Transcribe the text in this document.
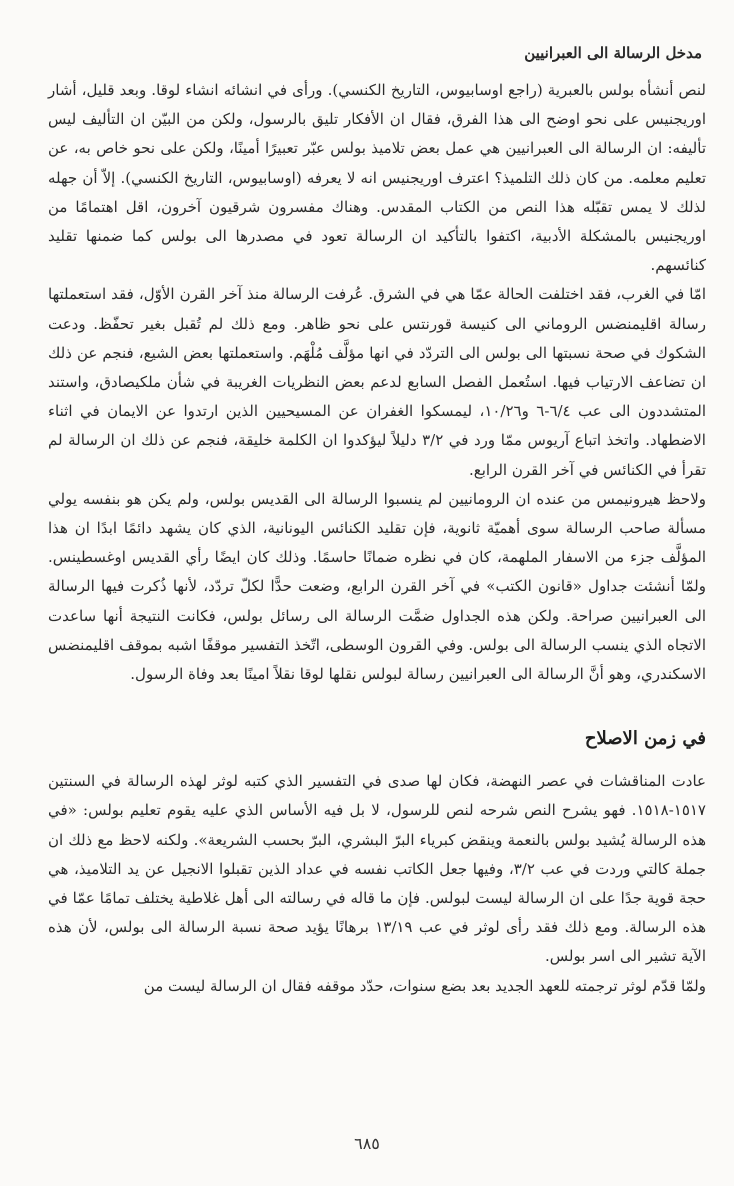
مدخل الرسالة الى العبرانيين

لنص أنشأه بولس بالعبرية (راجع اوسابيوس، التاريخ الكنسي). ورأى في انشائه انشاء لوقا. وبعد قليل، أشار اوريجنيس على نحو اوضح الى هذا الفرق، فقال ان الأفكار تليق بالرسول، ولكن من البيّن ان التأليف ليس تأليفه: ان الرسالة الى العبرانيين هي عمل بعض تلاميذ بولس عبّر تعبيرًا أمينًا، ولكن على نحو خاص به، عن تعليم معلمه. من كان ذلك التلميذ؟ اعترف اوريجنيس انه لا يعرفه (اوسابيوس، التاريخ الكنسي). إلاّ أن جهله لذلك لا يمس تقبّله هذا النص من الكتاب المقدس. وهناك مفسرون شرقيون آخرون، اقل اهتمامًا من اوريجنيس بالمشكلة الأدبية، اكتفوا بالتأكيد ان الرسالة تعود في مصدرها الى بولس كما ضمنها تقليد كنائسهم.

امّا في الغرب، فقد اختلفت الحالة عمّا هي في الشرق. عُرفت الرسالة منذ آخر القرن الأوّل، فقد استعملتها رسالة اقليمنضس الروماني الى كنيسة قورنتس على نحو ظاهر. ومع ذلك لم تُقبل بغير تحفّظ. ودعت الشكوك في صحة نسبتها الى بولس الى التردّد في انها مؤلَّف مُلْهَم. واستعملتها بعض الشيع، فنجم عن ذلك ان تضاعف الارتياب فيها. استُعمل الفصل السابع لدعم بعض النظريات الغريبة في شأن ملكيصادق، واستند المتشددون الى عب ٦/٤-٦ و١٠/٢٦، ليمسكوا الغفران عن المسيحيين الذين ارتدوا عن الايمان في اثناء الاضطهاد. واتخذ اتباع آريوس ممّا ورد في ٣/٢ دليلاً ليؤكدوا ان الكلمة خليقة، فنجم عن ذلك ان الرسالة لم تقرأ في الكنائس في آخر القرن الرابع.

ولاحظ هيرونيمس من عنده ان الرومانيين لم ينسبوا الرسالة الى القديس بولس، ولم يكن هو بنفسه يولي مسألة صاحب الرسالة سوى أهميّة ثانوية، فإن تقليد الكنائس اليونانية، الذي كان يشهد دائمًا ابدًا ان هذا المؤلَّف جزء من الاسفار الملهمة، كان في نظره ضمانًا حاسمًا. وذلك كان ايضًا رأي القديس اوغسطينس. ولمّا أنشئت جداول «قانون الكتب» في آخر القرن الرابع، وضعت حدًّا لكلّ تردّد، لأنها ذُكرت فيها الرسالة الى العبرانيين صراحة. ولكن هذه الجداول ضمَّت الرسالة الى رسائل بولس، فكانت النتيجة أنها ساعدت الاتجاه الذي ينسب الرسالة الى بولس. وفي القرون الوسطى، اتّخذ التفسير موقفًا اشبه بموقف اقليمنضس الاسكندري، وهو أنَّ الرسالة الى العبرانيين رسالة لبولس نقلها لوقا نقلاً امينًا بعد وفاة الرسول.

في زمن الاصلاح

عادت المناقشات في عصر النهضة، فكان لها صدى في التفسير الذي كتبه لوثر لهذه الرسالة في السنتين ١٥١٧-١٥١٨. فهو يشرح النص شرحه لنص للرسول، لا بل فيه الأساس الذي عليه يقوم تعليم بولس: «في هذه الرسالة يُشيد بولس بالنعمة وينقض كبرياء البرّ البشري، البرّ بحسب الشريعة». ولكنه لاحظ مع ذلك ان جملة كالتي وردت في عب ٣/٢، وفيها جعل الكاتب نفسه في عداد الذين تقبلوا الانجيل عن يد التلاميذ، هي حجة قوية جدًا على ان الرسالة ليست لبولس. فإن ما قاله في رسالته الى أهل غلاطية يختلف تمامًا عمّا في هذه الرسالة. ومع ذلك فقد رأى لوثر في عب ١٣/١٩ برهانًا يؤيد صحة نسبة الرسالة الى بولس، لأن هذه الآية تشير الى اسر بولس.

ولمّا قدّم لوثر ترجمته للعهد الجديد بعد بضع سنوات، حدّد موقفه فقال ان الرسالة ليست من

٦٨٥
